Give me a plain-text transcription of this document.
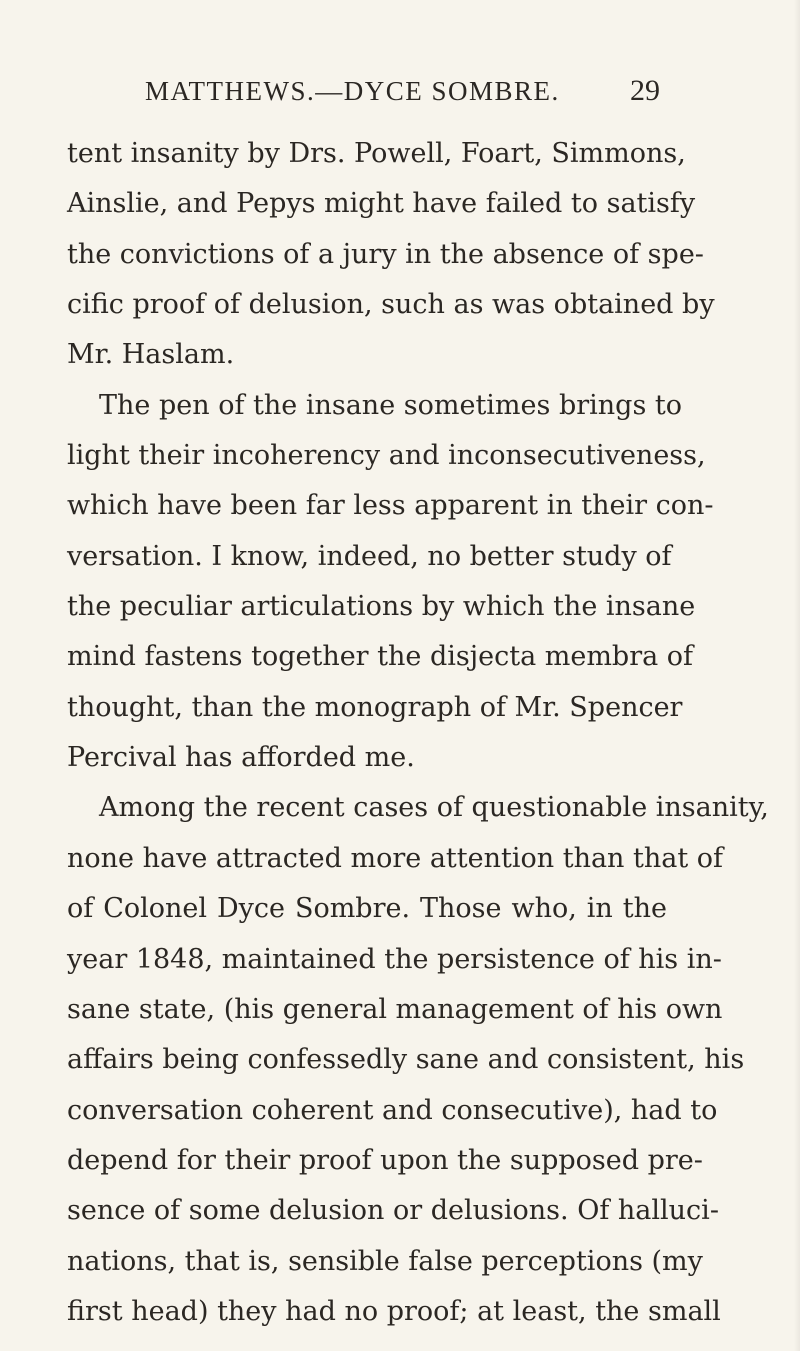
MATTHEWS.—DYCE SOMBRE. 29
tent insanity by Drs. Powell, Foart, Simmons,
Ainslie, and Pepys might have failed to satisfy
the convictions of a jury in the absence of spe-
cific proof of delusion, such as was obtained by
Mr. Haslam.
The pen of the insane sometimes brings to
light their incoherency and inconsecutiveness,
which have been far less apparent in their con-
versation. I know, indeed, no better study of
the peculiar articulations by which the insane
mind fastens together the disjecta membra of
thought, than the monograph of Mr. Spencer
Percival has afforded me.
Among the recent cases of questionable insanity,
none have attracted more attention than that of
of Colonel Dyce Sombre. Those who, in the
year 1848, maintained the persistence of his in-
sane state, (his general management of his own
affairs being confessedly sane and consistent, his
conversation coherent and consecutive), had to
depend for their proof upon the supposed pre-
sence of some delusion or delusions. Of halluci-
nations, that is, sensible false perceptions (my
first head) they had no proof; at least, the small
